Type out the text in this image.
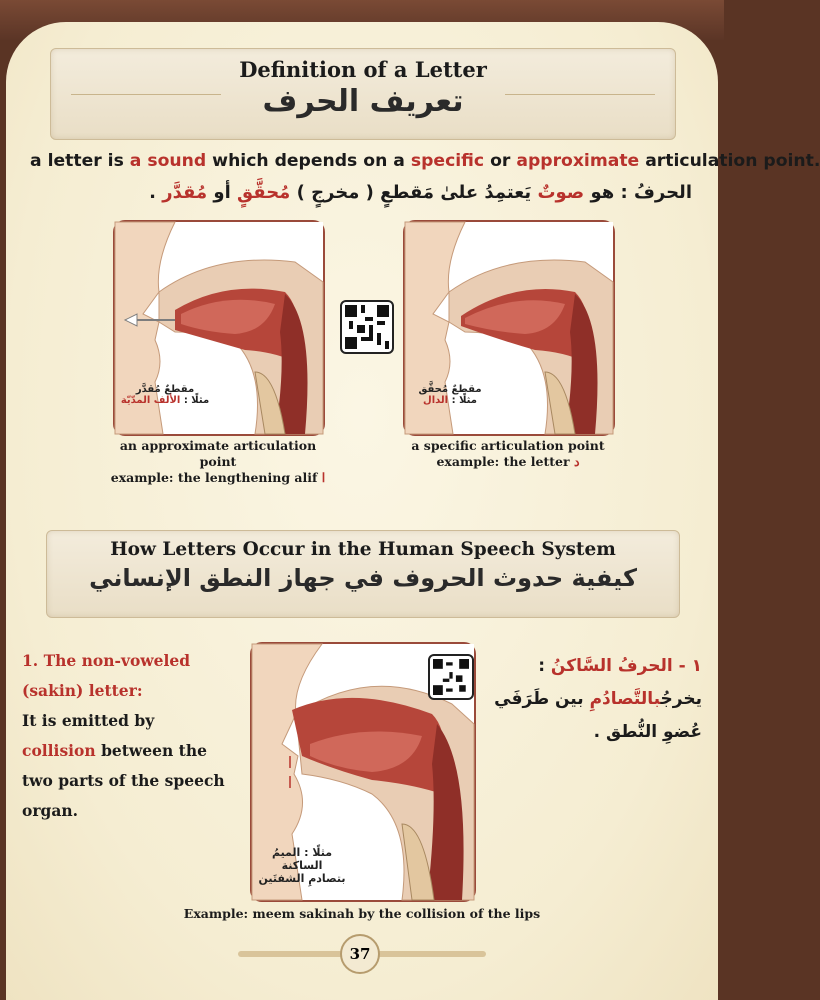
Definition of a Letter
تعريف الحرف
a letter is a sound which depends on a specific or approximate articulation point.
الحرفُ : هو صوتٌ يَعتمِدُ علىٰ مَقطعٍ ( مخرجٍ ) مُحقَّقٍ أو مُقدَّر .
مقطعٌ مُقدَّر
مثلًا : الألف المدّيّة
مقطعٌ مُحقَّق
مثلًا : الدال
an approximate articulation point
example: the lengthening alif ا
a specific articulation point
example: the letter د
How Letters Occur in the Human Speech System
كيفية حدوث الحروف في جهاز النطق الإنساني
1. The non-voweled (sakin) letter:
It is emitted by collision between the two parts of the speech organ.
مثلًا : الميمُ الساكنة
بتصادمِ الشفتَين
١ - الحرفُ السَّاكنُ : يخرجُبالتَّصادُمِ بين طَرَفَي عُضوِ النُّطق .
Example: meem sakinah by the collision of the lips
37
